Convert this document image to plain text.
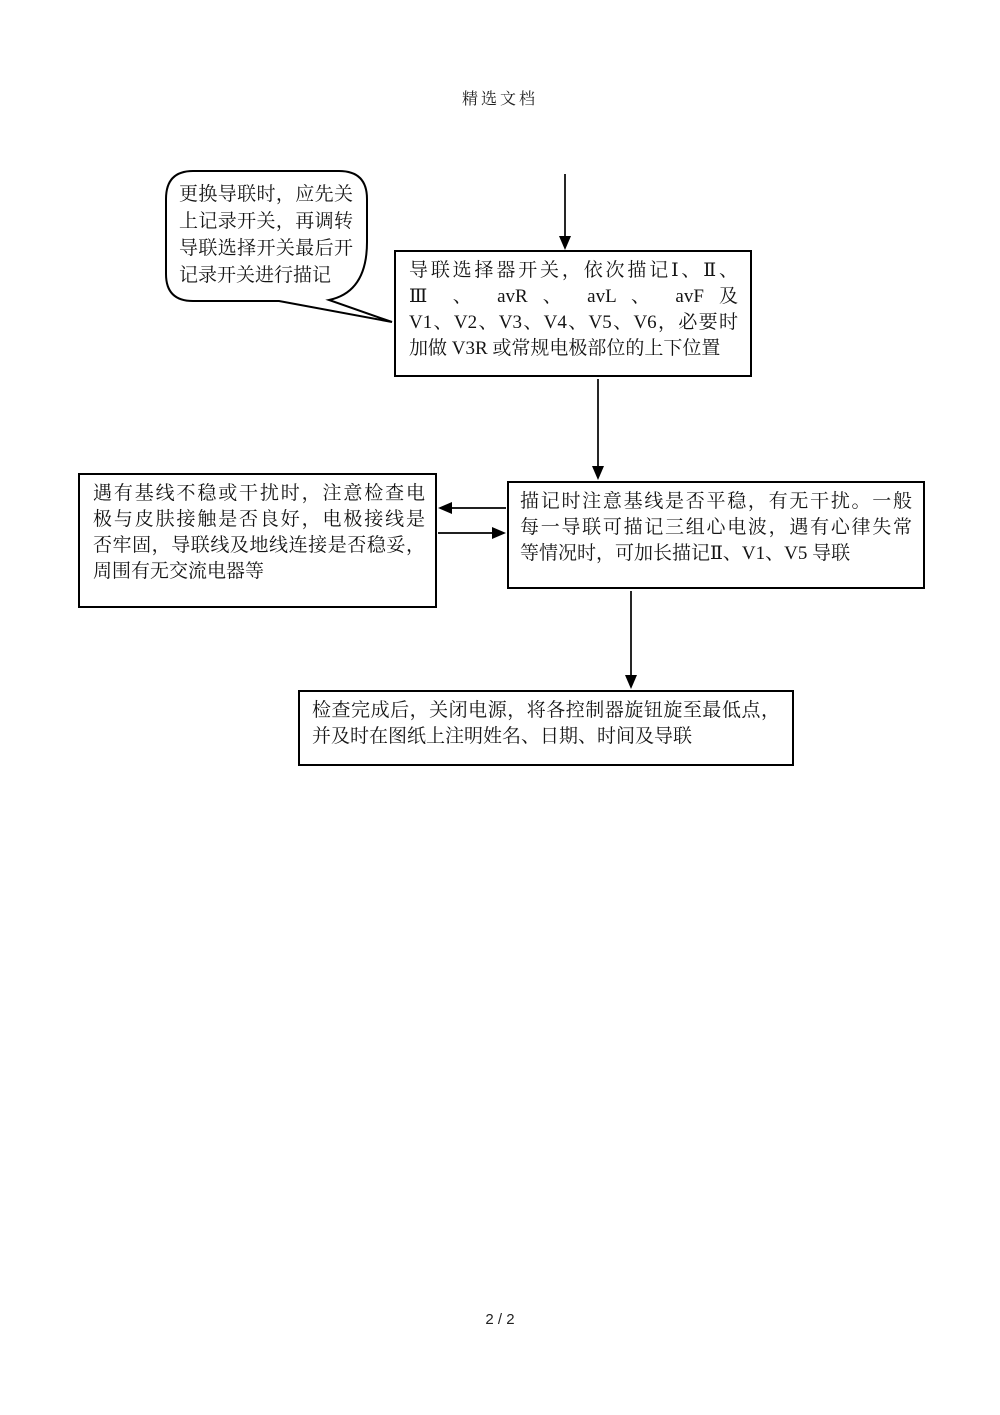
精选文档
更换导联时，应先关
上记录开关，再调转
导联选择开关最后开
记录开关进行描记	导联选择器开关，依次描记Ⅰ、Ⅱ、
Ⅲ 、 avR 、 avL 、 avF 及
V1、V2、V3、V4、V5、V6，必要时
加做 V3R 或常规电极部位的上下位置
遇有基线不稳或干扰时，注意检查电
极与皮肤接触是否良好，电极接线是
否牢固，导联线及地线连接是否稳妥，
周围有无交流电器等
描记时注意基线是否平稳，有无干扰。一般
每一导联可描记三组心电波，遇有心律失常
等情况时，可加长描记Ⅱ、V1、V5 导联
检查完成后，关闭电源，将各控制器旋钮旋至最低点，
并及时在图纸上注明姓名、日期、时间及导联
2 / 2
